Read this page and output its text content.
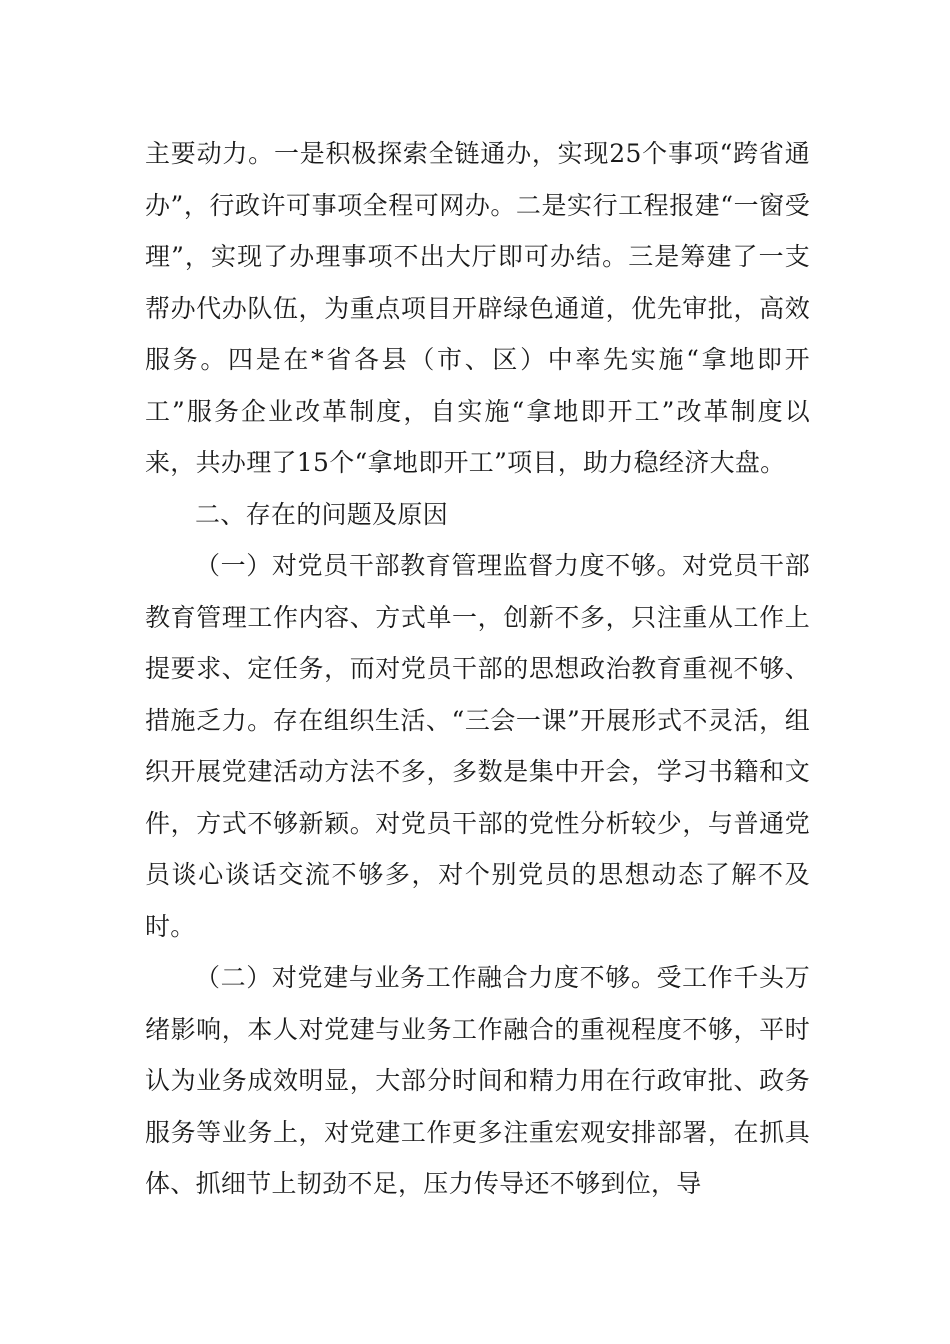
主要动力。一是积极探索全链通办，实现25个事项“跨省通办”，行政许可事项全程可网办。二是实行工程报建“一窗受理”，实现了办理事项不出大厅即可办结。三是筹建了一支帮办代办队伍，为重点项目开辟绿色通道，优先审批，高效服务。四是在*省各县（市、区）中率先实施“拿地即开工”服务企业改革制度，自实施“拿地即开工”改革制度以来，共办理了15个“拿地即开工”项目，助力稳经济大盘。

二、存在的问题及原因

（一）对党员干部教育管理监督力度不够。对党员干部教育管理工作内容、方式单一，创新不多，只注重从工作上提要求、定任务，而对党员干部的思想政治教育重视不够、措施乏力。存在组织生活、“三会一课”开展形式不灵活，组织开展党建活动方法不多，多数是集中开会，学习书籍和文件，方式不够新颖。对党员干部的党性分析较少，与普通党员谈心谈话交流不够多，对个别党员的思想动态了解不及时。

（二）对党建与业务工作融合力度不够。受工作千头万绪影响，本人对党建与业务工作融合的重视程度不够，平时认为业务成效明显，大部分时间和精力用在行政审批、政务服务等业务上，对党建工作更多注重宏观安排部署，在抓具体、抓细节上韧劲不足，压力传导还不够到位，导
